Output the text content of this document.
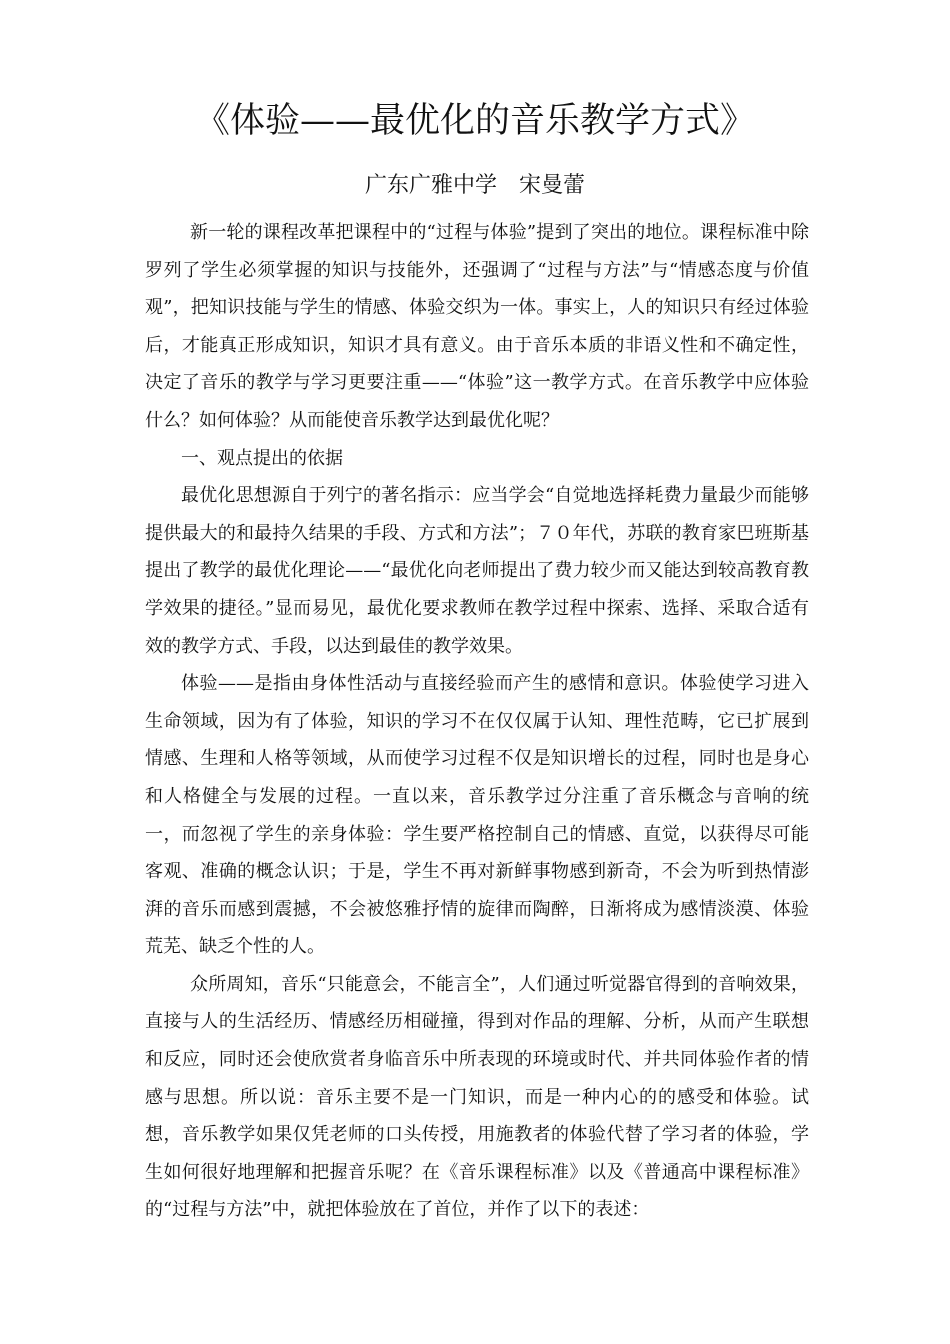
《体验——最优化的音乐教学方式》
广东广雅中学　宋曼蕾

新一轮的课程改革把课程中的“过程与体验”提到了突出的地位。课程标准中除罗列了学生必须掌握的知识与技能外，还强调了“过程与方法”与“情感态度与价值观”，把知识技能与学生的情感、体验交织为一体。事实上，人的知识只有经过体验后，才能真正形成知识，知识才具有意义。由于音乐本质的非语义性和不确定性，决定了音乐的教学与学习更要注重——“体验”这一教学方式。在音乐教学中应体验什么？如何体验？从而能使音乐教学达到最优化呢？

一、观点提出的依据

最优化思想源自于列宁的著名指示：应当学会“自觉地选择耗费力量最少而能够提供最大的和最持久结果的手段、方式和方法”；７０年代，苏联的教育家巴班斯基提出了教学的最优化理论——“最优化向老师提出了费力较少而又能达到较高教育教学效果的捷径。”显而易见，最优化要求教师在教学过程中探索、选择、采取合适有效的教学方式、手段，以达到最佳的教学效果。

体验——是指由身体性活动与直接经验而产生的感情和意识。体验使学习进入生命领域，因为有了体验，知识的学习不在仅仅属于认知、理性范畴，它已扩展到情感、生理和人格等领域，从而使学习过程不仅是知识增长的过程，同时也是身心和人格健全与发展的过程。一直以来，音乐教学过分注重了音乐概念与音响的统一，而忽视了学生的亲身体验：学生要严格控制自己的情感、直觉，以获得尽可能客观、准确的概念认识；于是，学生不再对新鲜事物感到新奇，不会为听到热情澎湃的音乐而感到震撼，不会被悠雅抒情的旋律而陶醉，日渐将成为感情淡漠、体验荒芜、缺乏个性的人。

众所周知，音乐“只能意会，不能言全”，人们通过听觉器官得到的音响效果，直接与人的生活经历、情感经历相碰撞，得到对作品的理解、分析，从而产生联想和反应，同时还会使欣赏者身临音乐中所表现的环境或时代、并共同体验作者的情感与思想。所以说：音乐主要不是一门知识，而是一种内心的的感受和体验。试想，音乐教学如果仅凭老师的口头传授，用施教者的体验代替了学习者的体验，学生如何很好地理解和把握音乐呢？在《音乐课程标准》以及《普通高中课程标准》的“过程与方法”中，就把体验放在了首位，并作了以下的表述：
